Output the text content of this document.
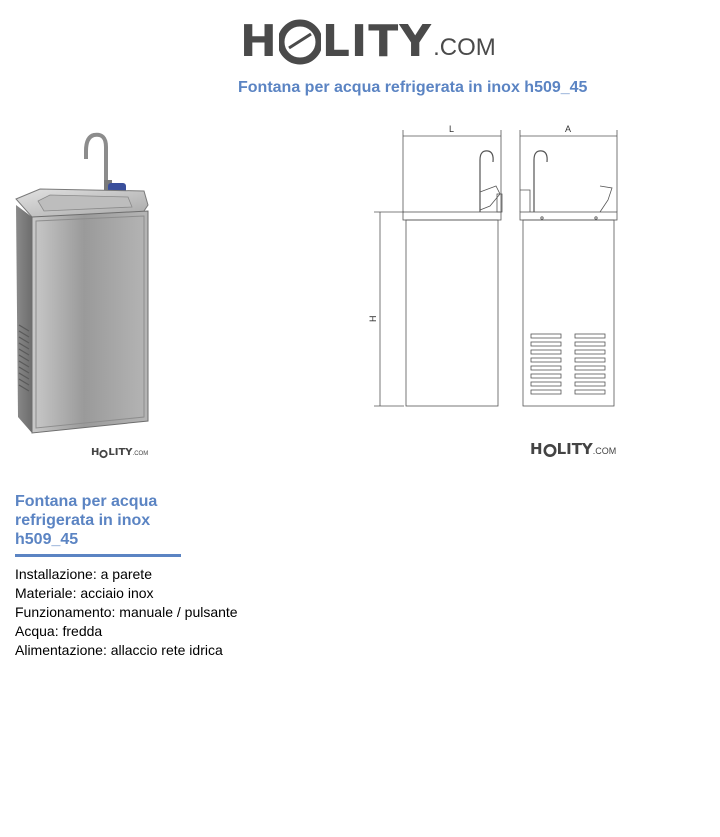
H LITY .COM
Fontana per acqua refrigerata in inox h509_45
H LITY .COM
L	A
H
H LITY .COM
Fontana per acqua refrigerata in inox h509_45
Installazione: a parete
Materiale: acciaio inox
Funzionamento: manuale / pulsante
Acqua: fredda
Alimentazione: allaccio rete idrica
